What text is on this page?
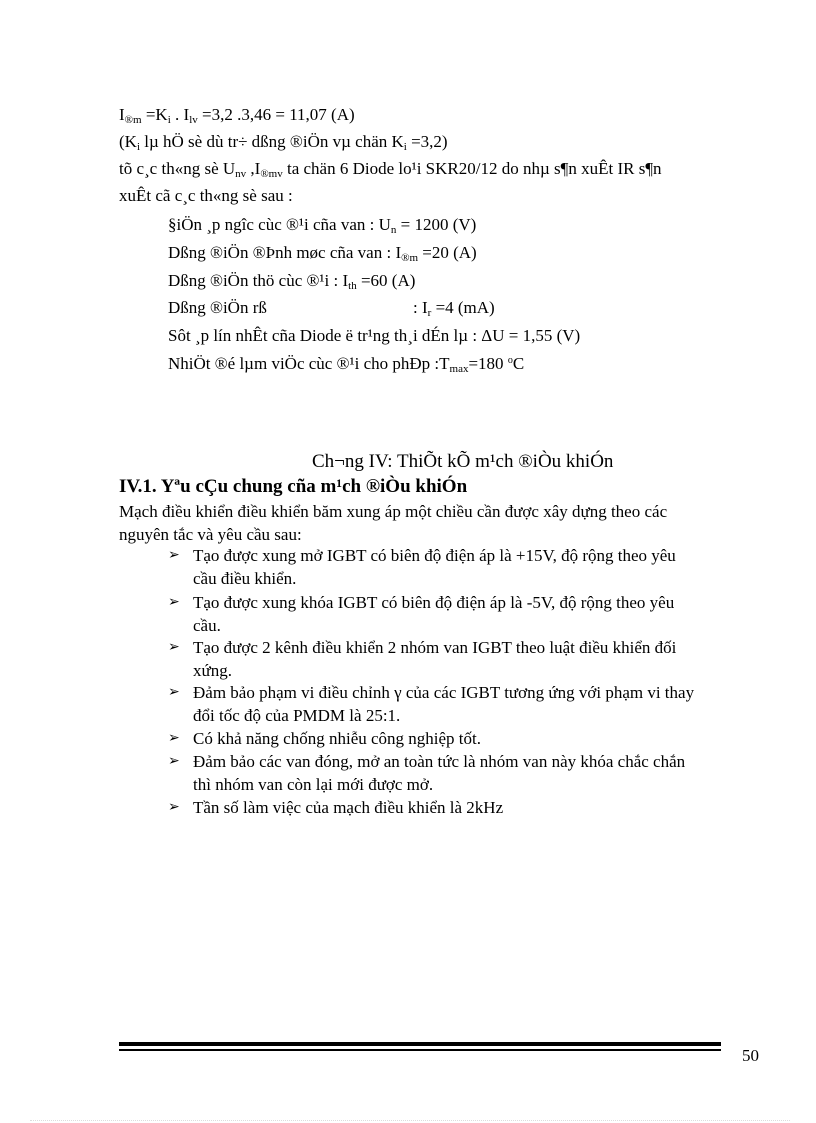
$I_{®m} =K_i$ . $I_{lv} =3,2$ .3,46 = 11,07 (A)
($K_i$ lµ hÖ sè dù tr÷ dßng ®iÖn vµ chän $K_i =3,2$)
tõ c¸c th«ng sè $U_{nv}$ $,I_{®mv}$ ta chän 6 Diode lo¹i SKR20/12 do nhµ s¶n xuÊt IR s¶n
xuÊt cã c¸c th«ng sè sau :
§iÖn ¸p ngîc cùc ®¹i cña van : $U_n = 1200$ (V)
Dßng ®iÖn ®Þnh møc cña van : $I_{®m} =20$ (A)
Dßng ®iÖn thö cùc ®¹i : $I_{th} =60$ (A)
Dßng ®iÖn rß	: $I_r =4$ (mA)
Sôt ¸p lín nhÊt cña Diode ë tr¹ng th¸i dÉn lµ : ΔU = 1,55 (V)
NhiÖt ®é lµm viÖc cùc ®¹i cho phÐp $:T_{max}=180$ $^o$C
Ch¬ng IV: ThiÕt kÕ m¹ch ®iÒu khiÓn
IV.1. Yªu cÇu chung cña m¹ch ®iÒu khiÓn
Mạch điều khiển điều khiển băm xung áp một chiều cần được xây dựng theo các
nguyên tắc và yêu cầu sau:
➢ Tạo được xung mở IGBT có biên độ điện áp là +15V, độ rộng theo yêu
cầu điều khiển.
➢ Tạo được xung khóa IGBT có biên độ điện áp là -5V, độ rộng theo yêu
cầu.
➢ Tạo được 2 kênh điều khiển 2 nhóm van IGBT theo luật điều khiển đối
xứng.
➢ Đảm bảo phạm vi điều chỉnh γ của các IGBT tương ứng với phạm vi thay
đổi tốc độ của PMDM là 25:1.
➢ Có khả năng chống nhiễu công nghiệp tốt.
➢ Đảm bảo các van đóng, mở an toàn tức là nhóm van này khóa chắc chắn
thì nhóm van còn lại mới được mở.
➢ Tần số làm việc của mạch điều khiển là 2kHz
50
